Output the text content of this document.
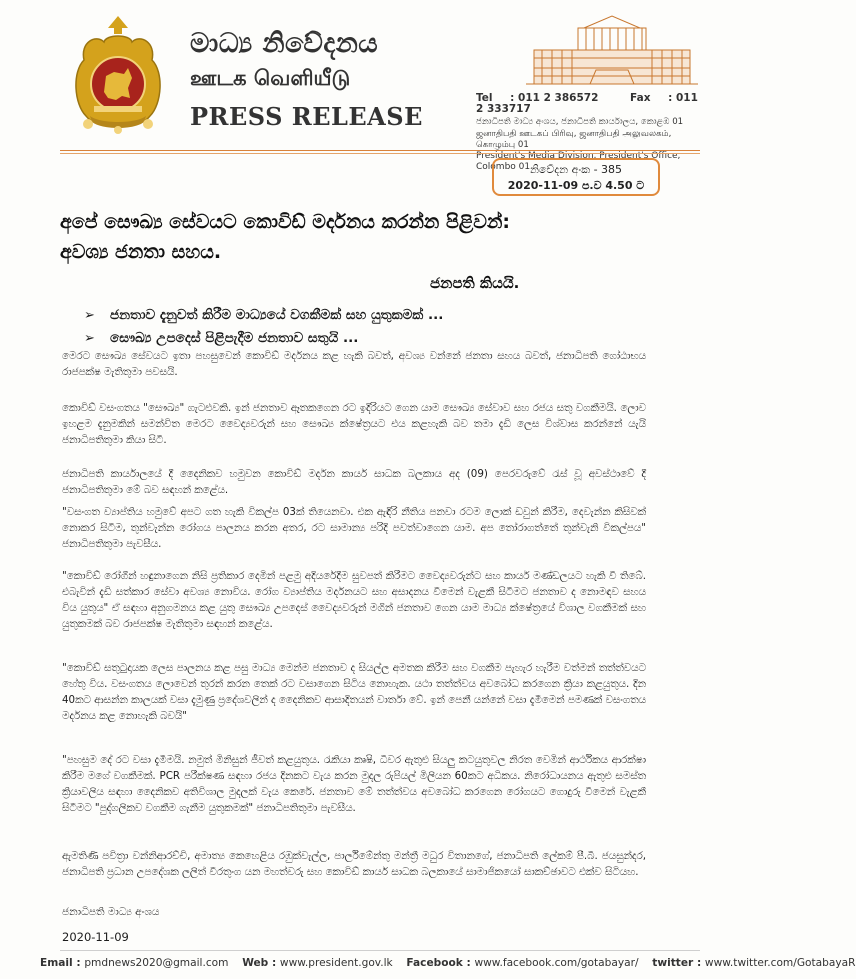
මාධ්‍ය නිවේදනය
ஊடக வெளியீடு
PRESS RELEASE
Tel : 011 2 386572	Fax : 011 2 333717
ජනාධිපති මාධ්‍ය අංශය, ජනාධිපති කාර්යාලය, කොළඹ 01
ஜனாதிபதி ஊடகப் பிரிவு, ஜனாதிபதி அலுவலகம், கொழும்பு 01
President's Media Division, President's Office, Colombo 01 නිවේදන අංක - 385
2020-11-09 ප.ව 4.50 ට
අපේ සෞඛ්‍ය සේවයට කොවිඩ් මර්දනය කරන්න පිළිවන්:
අවශ්‍ය ජනතා සහය.
ජනපති කියයි.
➢	ජනතාව දැනුවත් කිරීම මාධ්‍යයේ වගකීමක් සහ යුතුකමක් ...
➢	සෞඛ්‍ය උපදෙස් පිළිපැදීම ජනතාව සතුයි ...
මෙරට සෞඛ්‍ය සේවයට ඉතා පහසුවෙන් කොවිඩ් මර්දනය කළ හැකි බවත්, අවශ්‍ය වන්නේ ජනතා සහය බවත්, ජනාධිපති ගෝඨාභය රාජපක්ෂ මැතිතුමා පවසයි.
කොවිඩ් වසංගතය "සෞඛ්‍ය" ගැටළුවකි. ඉන් ජනතාව ඈතකගෙන රට ඉදිරියට ගෙන යාම සෞඛ්‍ය සේවාව සහ රජය සතු වගකීමයි. ලොව ඉහළම දැනුමකින් සමන්විත මෙරට වෛද්‍යවරුන් සහ සෞඛ්‍ය ක්ෂේත්‍රයට එය කළහැකි බව තමා දැඩි ලෙස විශ්වාස කරන්නේ යැයි ජනාධිපතිතුමා කියා සිටී.
ජනාධිපති කාර්යාලයේ දී දෛනිකව හමුවන කොවිඩ් මර්දන කාර්ය සාධක බලකාය අද (09) පෙරවරුවේ රැස් වූ අවස්ථාවේ දී ජනාධිපතිතුමා මේ බව සඳහන් කළේය.
"වසංගත ව්‍යාප්තිය හමුවේ අපට ගත හැකි විකල්ප 03ක් තියෙනවා. එක ඇඳිරි නීතිය පනවා රටම ලොක් ඩවුන් කිරීම, දෙවැන්න කිසිවක් නොකර සිටීම, තුන්වැන්න රෝගය පාලනය කරන අතර, රට සාමාන්‍ය පරිදි පවත්වාගෙන යාම. අප තෝරාගත්තේ තුන්වැනි විකල්පය" ජනාධිපතිතුමා පැවසීය.
"කොවිඩ් රෝගීන් හඳුනාගෙන නිසි ප්‍රතිකාර දෙමින් පළමු අදියරේදීම සුවපත් කිරීමට වෛද්‍යවරුන්ට සහ කාර්ය මණ්ඩලයට හැකි වී තිබේ. එබැවින් දැඩි සත්කාර සේවා අවශ්‍ය නොවිය. රෝග ව්‍යාප්තිය මර්දනයට සහ අසාදනය වීමෙන් වැළකී සිටීමට ජනතාව ද නොමඳව සහය විය යුතුය" ඒ සඳහා අනුගමනය කළ යුතු සෞඛ්‍ය උපදෙස් වෛද්‍යවරුන් මගින් ජනතාව ගෙන යාම මාධ්‍ය ක්ෂේත්‍රයේ විශාල වගකීමක් සහ යුතුකමක් බව රාජපක්ෂ මැතිතුමා සඳහන් කළේය.
"කොවිඩ් සතුටුදායක ලෙස පාලනය කළ පසු මාධ්‍ය මෙන්ම ජනතාව ද සියල්ල අමතක කිරීම සහ වගකීම පැහැර හැරීම වත්මන් තත්ත්වයට හේතු විය. වසංගතය ලොවෙන් තුරන් කරන තෙක් රට වසාගෙන සිටිය නොහැක. යථා තත්ත්වය අවබෝධ කරගෙන ක්‍රියා කළයුතුය. දින 40කට ආසන්න කාලයක් වසා දැමුණු ප්‍රදේශවලින් ද දෛනිකව ආසාදිතයන් වාර්තා වේ. ඉන් පෙනී යන්නේ වසා දැමීමෙන් පමණක් වසංගතය මර්දනය කළ නොහැකි බවයි"
"පහසුම දේ රට වසා දැමීමයි. නමුත් මිනිසුන් ජීවත් කළයුතුය. රැකියා කෘෂි, ධීවර ඇතුළු සියලු කටයුතුවල නිරත වෙමින් ආර්ථිකය ආරක්ෂා කිරීම මගේ වගකීමක්. PCR පරීක්ෂණ සඳහා රජය දිනකට වැය කරන මුදල රුපියල් මිලියන 60කට අධිකය. නිරෝධායනය ඇතුළු සමස්ත ක්‍රියාවලිය සඳහා දෛනිකව අතිවිශාල මුදලක් වැය කෙරේ. ජනතාව මේ තත්ත්වය අවබෝධ කරගෙන රෝගයට ගොදුරු වීමෙන් වැළකී සිටීමට "පුද්ගලිකව වගකීම ගැනීම යුතුකමක්" ජනාධිපතිතුමා පැවසීය.
ඇමතිණි පවිත්‍රා වන්නිආරච්චි, අමාත්‍ය කෙහෙළිය රඹුක්වැල්ල, පාර්ලිමේන්තු මන්ත්‍රී මධුර විතානගේ, ජනාධිපති ලේකම් පී.බී. ජයසුන්දර, ජනාධිපති ප්‍රධාන උපදේශක ලලිත් වීරතුංග යන මහත්වරු සහ කොවිඩ් කාර්ය සාධක බලකායේ සාමාජිකයෝ සාකච්ඡාවට එක්ව සිටියහ.
ජනාධිපති මාධ්‍ය අංශය
2020-11-09
Email : pmdnews2020@gmail.com Web : www.president.gov.lk Facebook : www.facebook.com/gotabayar/ twitter : www.twitter.com/GotabayaR
